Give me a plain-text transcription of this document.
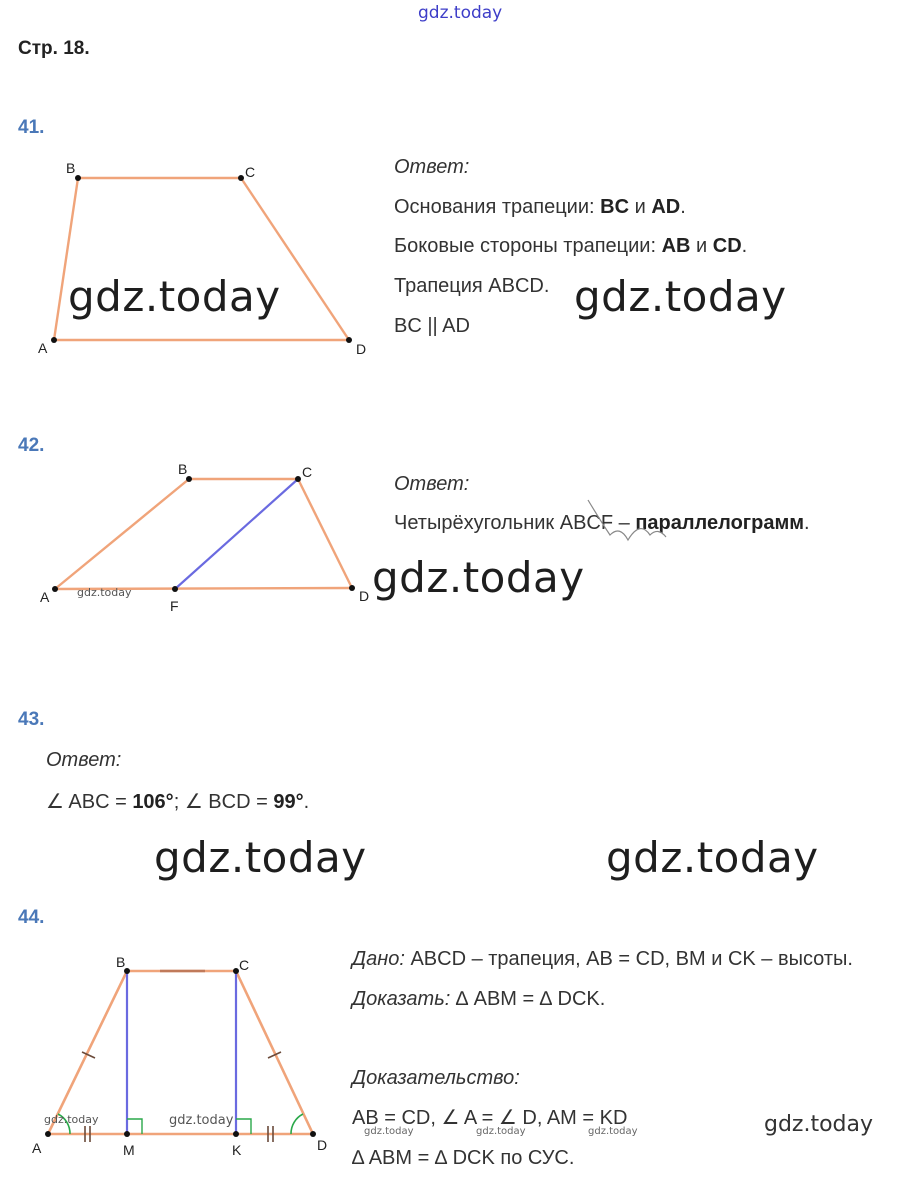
gdz.today
Стр. 18.
41.
A
B	C
D
Ответ:
Основания трапеции: BC и AD.
Боковые стороны трапеции: AB и CD.
Трапеция ABCD.
BC || AD
gdz.today	gdz.today
42.
A
B	C
D
F
gdz.today
Ответ:
Четырёхугольник ABCF – параллелограмм.
gdz.today
43.
Ответ:
∠ ABC = 106°; ∠ BCD = 99°.
gdz.today	gdz.today
44.
A
B	C
D
M	K
gdz.today	gdz.today
Дано: ABCD – трапеция, AB = CD, BM и CK – высоты.
Доказать: ∆ ABM = ∆ DCK.
Доказательство:
AB = CD, ∠ A = ∠ D, AM = KD
gdz.today	gdz.today	gdz.today
∆ ABM = ∆ DCK по СУС.
gdz.today
